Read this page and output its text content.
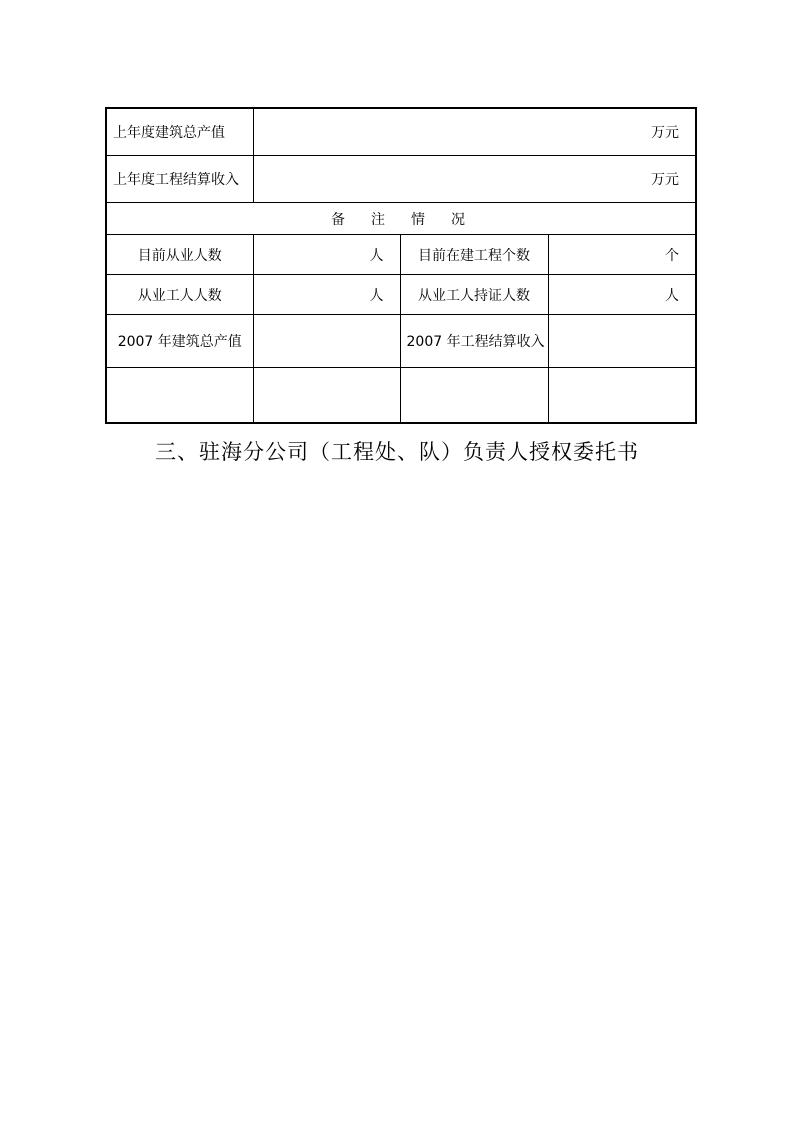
上年度建筑总产值	万元		
上年度工程结算收入	万元		
备注情况			
目前从业人数	人	目前在建工程个数	个
从业工人人数	人	从业工人持证人数	人
2007 年建筑总产值		2007 年工程结算收入	

三、驻海分公司（工程处、队）负责人授权委托书
